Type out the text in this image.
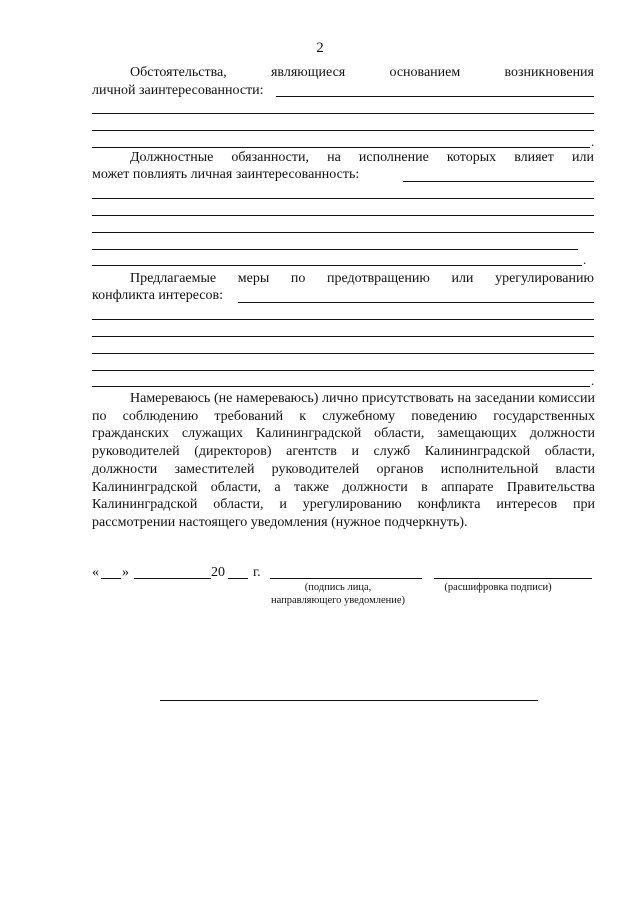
2
Обстоятельства,	являющиеся	основанием	возникновения
личной заинтересованности:
.
Должностные обязанности, на исполнение которых влияет или
может повлиять личная заинтересованность:
.
Предлагаемые меры по предотвращению или урегулированию
конфликта интересов:
.
Намереваюсь (не намереваюсь) лично присутствовать на заседании комиссии по соблюдению требований к служебному поведению государственных гражданских служащих Калининградской области, замещающих должности руководителей (директоров) агентств и служб Калининградской области, должности заместителей руководителей органов исполнительной власти Калининградской области, а также должности в аппарате Правительства Калининградской области, и урегулированию конфликта интересов при рассмотрении настоящего уведомления (нужное подчеркнуть).
« »	20 г.
(подпись лица,
направляющего уведомление)
(расшифровка подписи)
